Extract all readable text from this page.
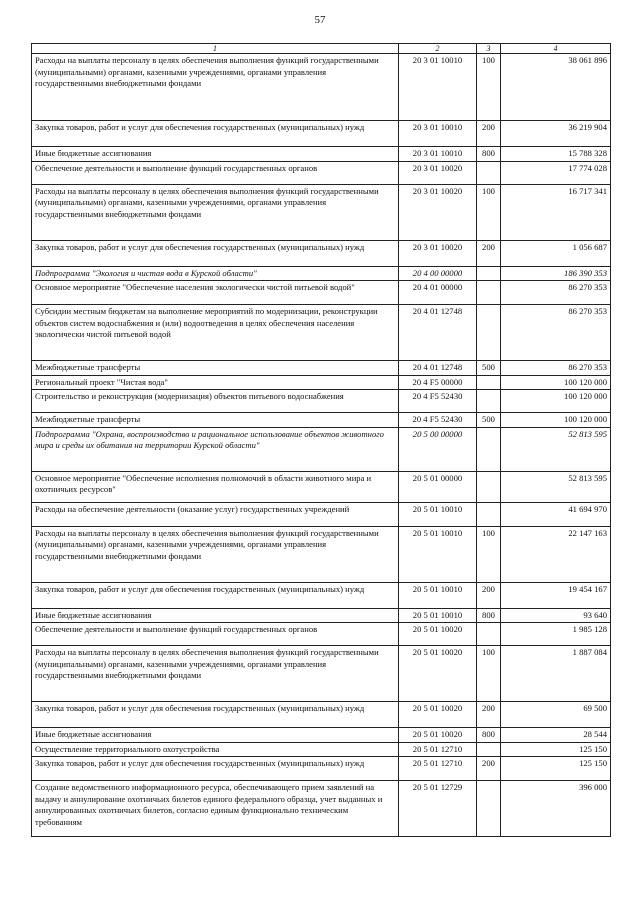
57
1	2	3	4
Расходы на выплаты персоналу в целях обеспечения выполнения функций государственными (муниципальными) органами, казенными учреждениями, органами управления государственными внебюджетными фондами	20 3 01 10010	100	38 061 896
Закупка товаров, работ и услуг для обеспечения государственных (муниципальных) нужд	20 3 01 10010	200	36 219 904
Иные бюджетные ассигнования	20 3 01 10010	800	15 788 328
Обеспечение деятельности и выполнение функций государственных органов	20 3 01 10020		17 774 028
Расходы на выплаты персоналу в целях обеспечения выполнения функций государственными (муниципальными) органами, казенными учреждениями, органами управления государственными внебюджетными фондами	20 3 01 10020	100	16 717 341
Закупка товаров, работ и услуг для обеспечения государственных (муниципальных) нужд	20 3 01 10020	200	1 056 687
Подпрограмма "Экология и чистая вода в Курской области"	20 4 00 00000		186 390 353
Основное мероприятие "Обеспечение населения экологически чистой питьевой водой"	20 4 01 00000		86 270 353
Субсидии местным бюджетам на выполнение мероприятий по модернизации, реконструкции объектов систем водоснабжения и (или) водоотведения в целях обеспечения населения экологически чистой питьевой водой	20 4 01 12748		86 270 353
Межбюджетные трансферты	20 4 01 12748	500	86 270 353
Региональный проект "Чистая вода"	20 4 F5 00000		100 120 000
Строительство и реконструкция (модернизация) объектов питьевого водоснабжения	20 4 F5 52430		100 120 000
Межбюджетные трансферты	20 4 F5 52430	500	100 120 000
Подпрограмма "Охрана, воспроизводство и рациональное использование объектов животного мира и среды их обитания на территории Курской области"	20 5 00 00000		52 813 595
Основное мероприятие "Обеспечение исполнения полномочий в области животного мира и охотничьих ресурсов"	20 5 01 00000		52 813 595
Расходы на обеспечение деятельности (оказание услуг) государственных учреждений	20 5 01 10010		41 694 970
Расходы на выплаты персоналу в целях обеспечения выполнения функций государственными (муниципальными) органами, казенными учреждениями, органами управления государственными внебюджетными фондами	20 5 01 10010	100	22 147 163
Закупка товаров, работ и услуг для обеспечения государственных (муниципальных) нужд	20 5 01 10010	200	19 454 167
Иные бюджетные ассигнования	20 5 01 10010	800	93 640
Обеспечение деятельности и выполнение функций государственных органов	20 5 01 10020		1 985 128
Расходы на выплаты персоналу в целях обеспечения выполнения функций государственными (муниципальными) органами, казенными учреждениями, органами управления государственными внебюджетными фондами	20 5 01 10020	100	1 887 084
Закупка товаров, работ и услуг для обеспечения государственных (муниципальных) нужд	20 5 01 10020	200	69 500
Иные бюджетные ассигнования	20 5 01 10020	800	28 544
Осуществление территориального охотустройства	20 5 01 12710		125 150
Закупка товаров, работ и услуг для обеспечения государственных (муниципальных) нужд	20 5 01 12710	200	125 150
Создание ведомственного информационного ресурса, обеспечивающего прием заявлений на выдачу и аннулирование охотничьих билетов единого федерального образца, учет выданных и аннулированных охотничьих билетов, согласно единым функционально техническим требованиям	20 5 01 12729		396 000
